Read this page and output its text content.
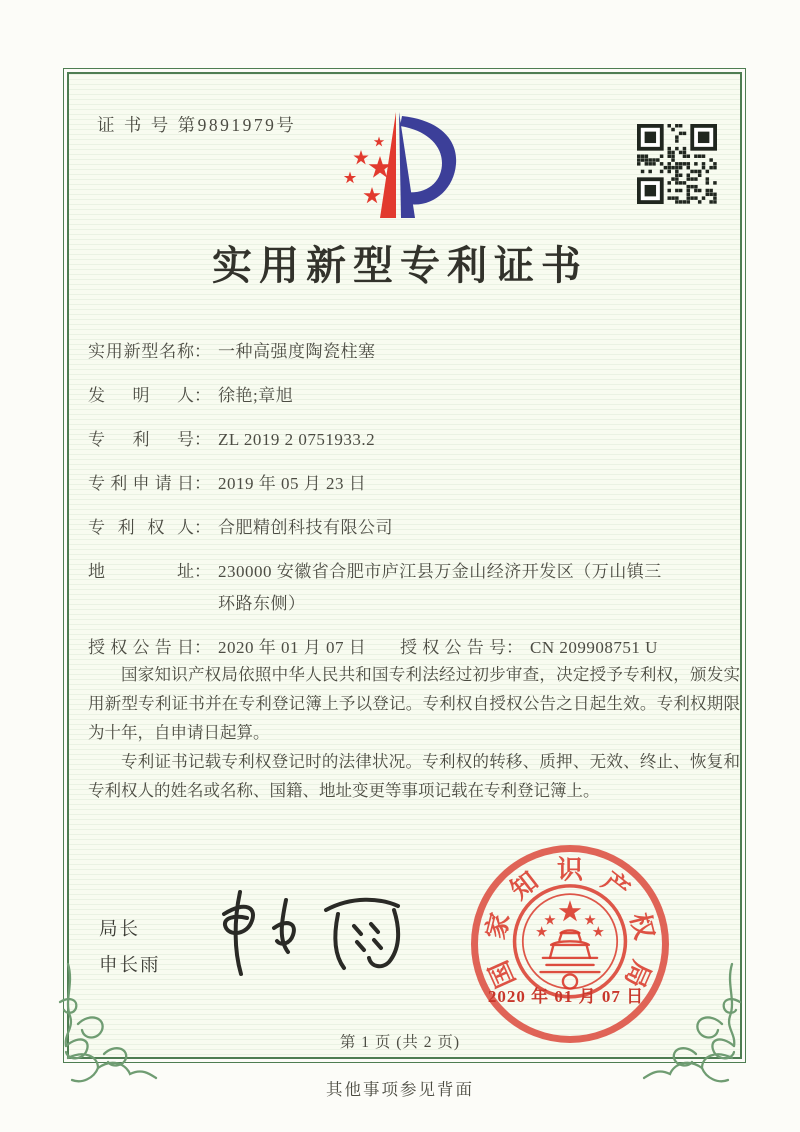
证 书 号 第9891979号
实用新型专利证书
实用新型名称 ： 一种高强度陶瓷柱塞
发明人 ： 徐艳;章旭
专利号 ： ZL 2019 2 0751933.2
专利申请日 ： 2019 年 05 月 23 日
专利权人 ： 合肥精创科技有限公司
地址 ： 230000 安徽省合肥市庐江县万金山经济开发区（万山镇三环路东侧）
授权公告日 ： 2020 年 01 月 07 日	授权公告号 ： CN 209908751 U

国家知识产权局依照中华人民共和国专利法经过初步审查，决定授予专利权，颁发实用新型专利证书并在专利登记簿上予以登记。专利权自授权公告之日起生效。专利权期限为十年，自申请日起算。

专利证书记载专利权登记时的法律状况。专利权的转移、质押、无效、终止、恢复和专利权人的姓名或名称、国籍、地址变更等事项记载在专利登记簿上。

局长
申长雨	国
家
知 识 产
权
局
2020 年 01 月 07 日
第 1 页 (共 2 页)
其他事项参见背面
